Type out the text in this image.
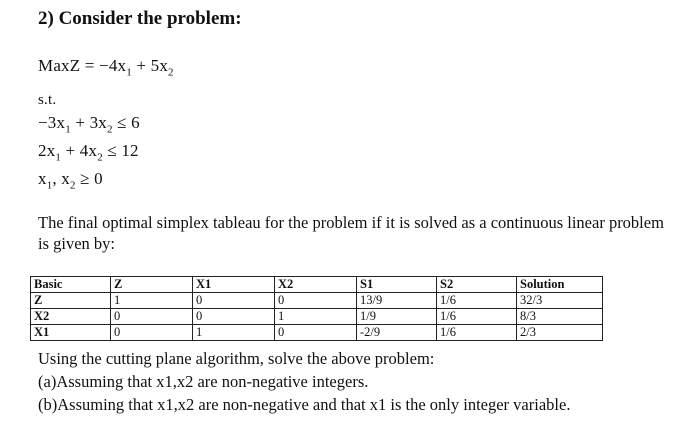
2) Consider the problem:
MaxZ = $-4x_1 + 5x_2$
s.t.
$-3x_1 + 3x_2 \le 6$
$2x_1 + 4x_2 \le 12$
$x_1$, $x_2 \ge 0$
The final optimal simplex tableau for the problem if it is solved as a continuous linear problem is given by:
Basic	Z	X1	X2	S1	S2	Solution
Z	1	0	0	13/9	1/6	32/3
X2	0	0	1	1/9	1/6	8/3
X1	0	1	0	-2/9	1/6	2/3
Using the cutting plane algorithm, solve the above problem:
(a)Assuming that x1,x2 are non-negative integers.
(b)Assuming that x1,x2 are non-negative and that x1 is the only integer variable.
